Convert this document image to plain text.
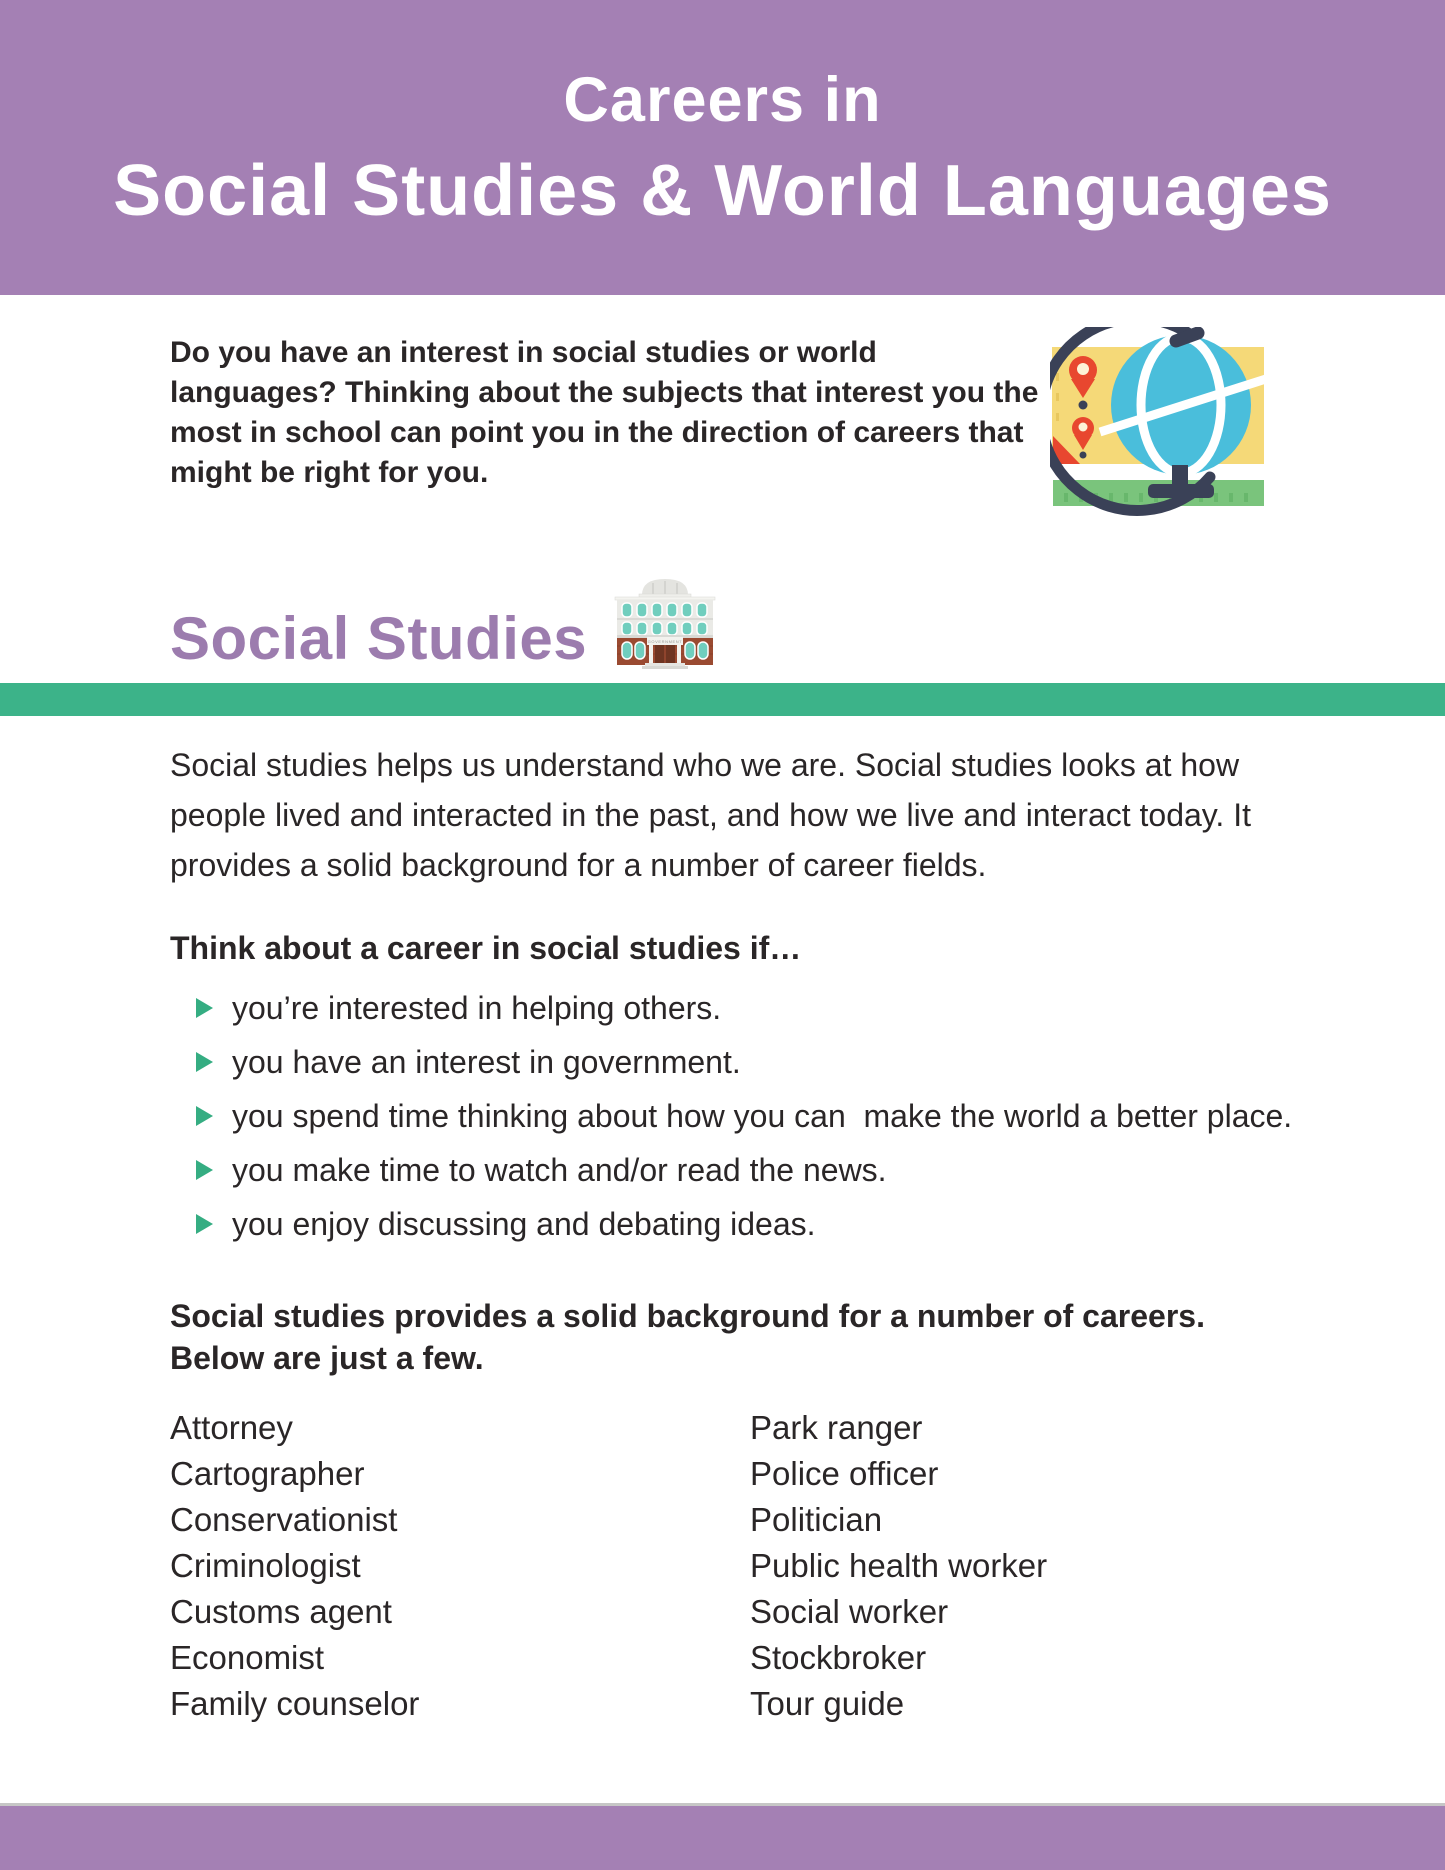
Careers in
Social Studies & World Languages

Do you have an interest in social studies or world languages? Thinking about the subjects that interest you the most in school can point you in the direction of careers that might be right for you.

Social Studies	GOVERNMENT

Social studies helps us understand who we are. Social studies looks at how people lived and interacted in the past, and how we live and interact today. It provides a solid background for a number of career fields.

Think about a career in social studies if…
you’re interested in helping others.
you have an interest in government.
you spend time thinking about how you can  make the world a better place.
you make time to watch and/or read the news.
you enjoy discussing and debating ideas.
Social studies provides a solid background for a number of careers. Below are just a few.
Attorney
Cartographer
Conservationist
Criminologist
Customs agent
Economist
Family counselor
Park ranger
Police officer
Politician
Public health worker
Social worker
Stockbroker
Tour guide
